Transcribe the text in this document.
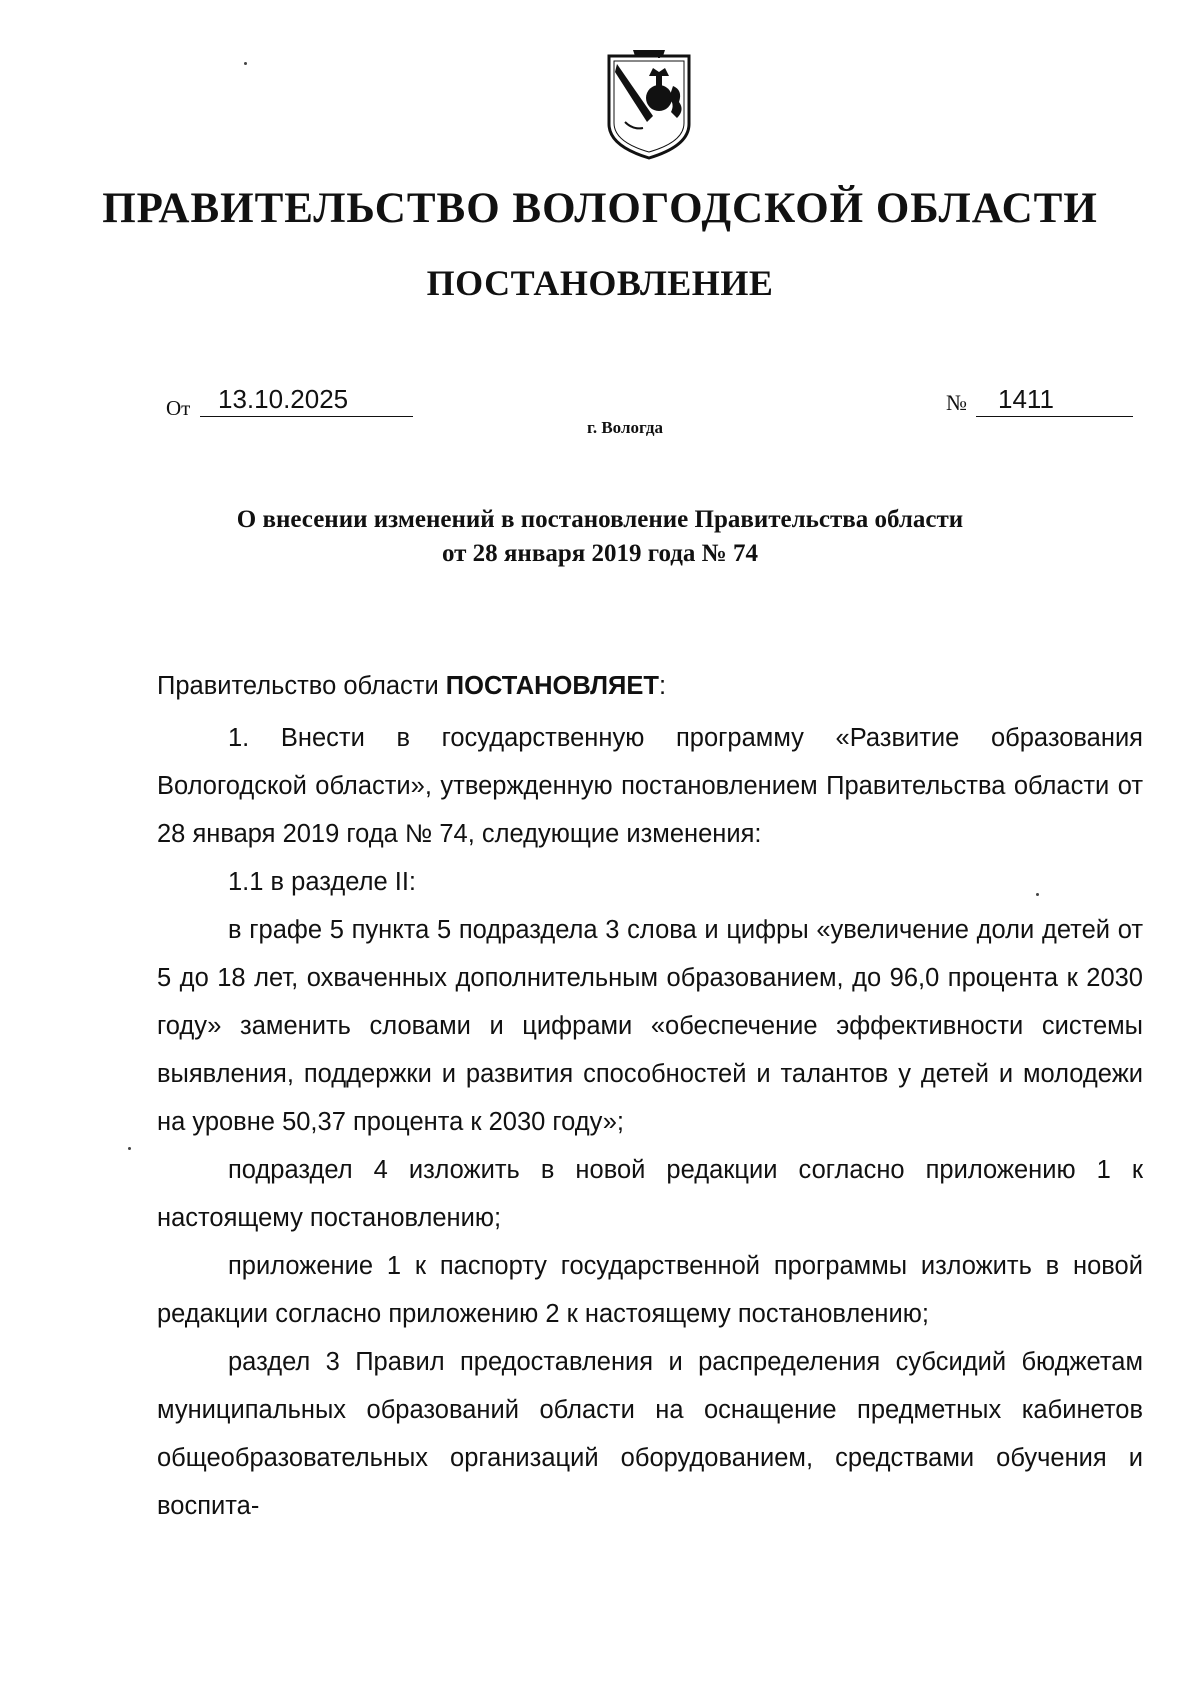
ПРАВИТЕЛЬСТВО ВОЛОГОДСКОЙ ОБЛАСТИ
ПОСТАНОВЛЕНИЕ
От	13.10.2025	№	1411
г. Вологда
О внесении изменений в постановление Правительства области
от 28 января 2019 года № 74

Правительство области ПОСТАНОВЛЯЕТ:

1. Внести в государственную программу «Развитие образования Вологодской области», утвержденную постановлением Правительства области от 28 января 2019 года № 74, следующие изменения:

1.1 в разделе II:

в графе 5 пункта 5 подраздела 3 слова и цифры «увеличение доли детей от 5 до 18 лет, охваченных дополнительным образованием, до 96,0 процента к 2030 году» заменить словами и цифрами «обеспечение эффективности системы выявления, поддержки и развития способностей и талантов у детей и молодежи на уровне 50,37 процента к 2030 году»;

подраздел 4 изложить в новой редакции согласно приложению 1 к настоящему постановлению;

приложение 1 к паспорту государственной программы изложить в новой редакции согласно приложению 2 к настоящему постановлению;

раздел 3 Правил предоставления и распределения субсидий бюджетам муниципальных образований области на оснащение предметных кабинетов общеобразовательных организаций оборудованием, средствами обучения и воспита-
